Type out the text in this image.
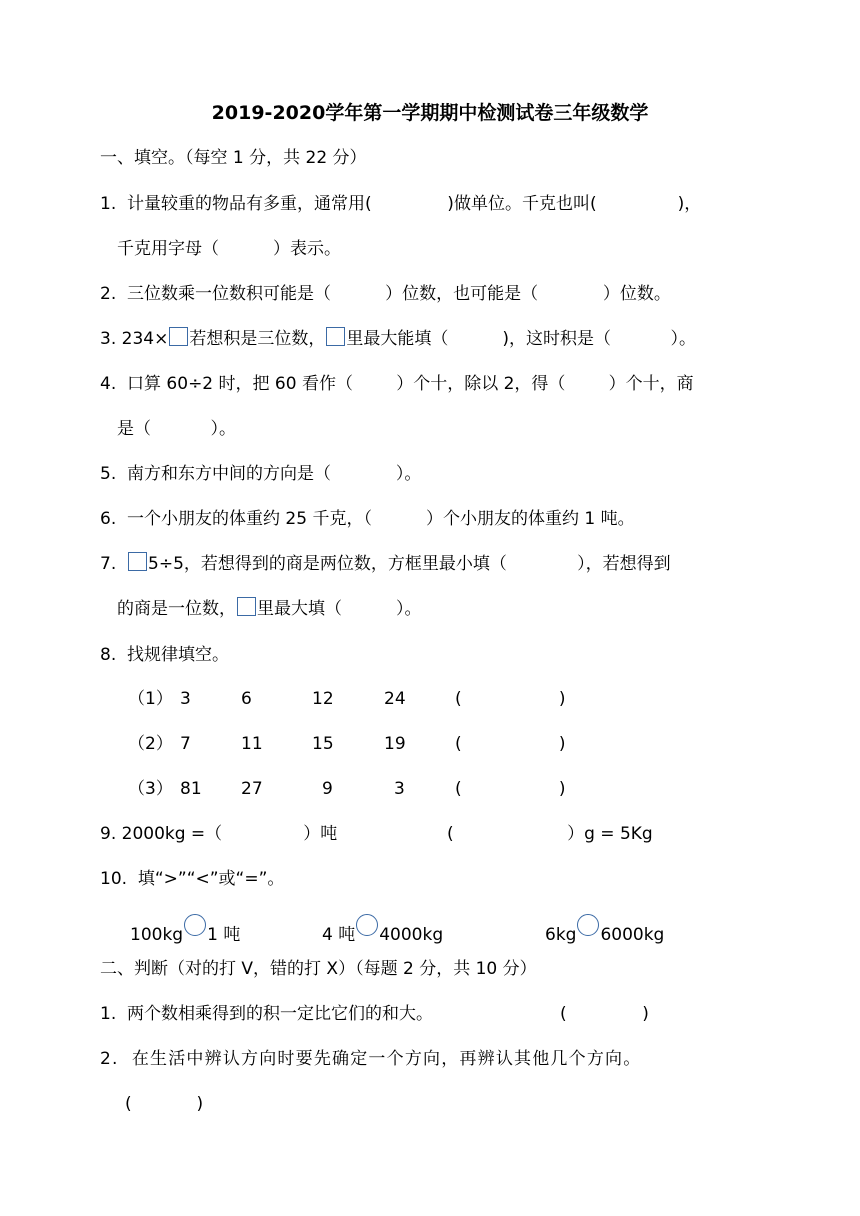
2019-2020学年第一学期期中检测试卷三年级数学
一、填空。（每空 1 分，共 22 分）
1.  计量较重的物品有多重，通常用(              )做单位。千克也叫(               )，
千克用字母（          ）表示。
2.  三位数乘一位数积可能是（          ）位数，也可能是（            ）位数。
3. 234× 若想积是三位数， 里最大能填（          )，这时积是（           ）。
4.  口算 60÷2 时，把 60 看作（        ）个十，除以 2，得（        ）个十，商
是（           ）。
5.  南方和东方中间的方向是（            ）。
6.  一个小朋友的体重约 25 千克，（          ）个小朋友的体重约 1 吨。
7.  5÷5，若想得到的商是两位数，方框里最小填（             ），若想得到
的商是一位数， 里最大填（          ）。
8.  找规律填空。
（1） 3	6	12	24	(                  )
（2） 7	11	15	19	(                  )
（3） 81 27	9	3	(                  )
9. 2000kg =（               ）吨	(                     ）g = 5Kg
10.  填“>”“<”或“=”。
100kg 1 吨	4 吨 4000kg	6kg 6000kg
二、判断（对的打 V，错的打 X）（每题 2 分，共 10 分）
1.  两个数相乘得到的积一定比它们的和大。	(              )
2.  在生活中辨认方向时要先确定一个方向，再辨认其他几个方向。
(            )
